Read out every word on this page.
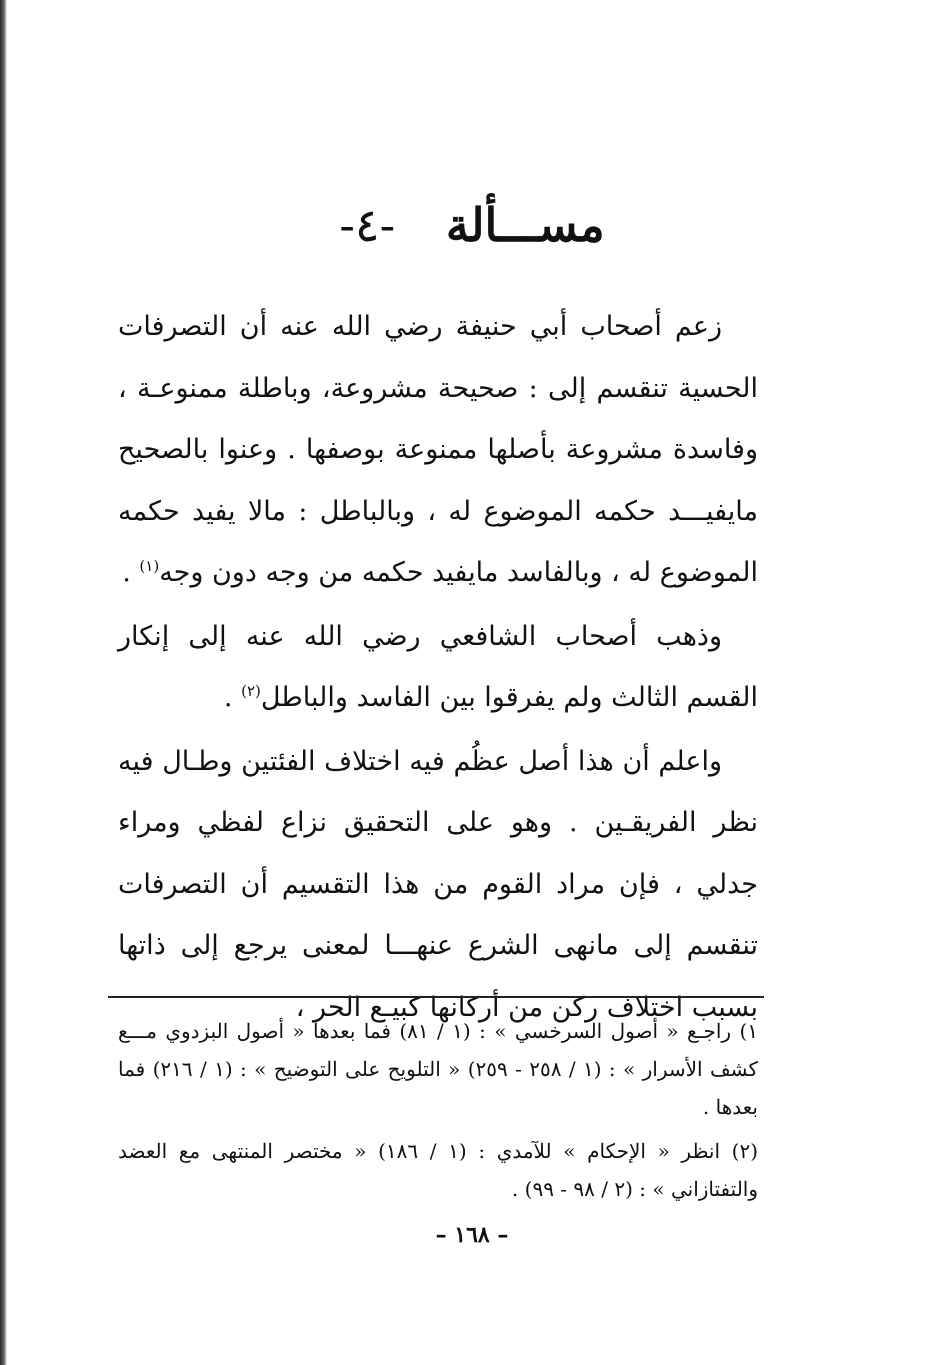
مســـألة -٤-

زعم أصحاب أبي حنيفة رضي الله عنه أن التصرفات الحسية تنقسم إلى : صحيحة مشروعة، وباطلة ممنوعـة ، وفاسدة مشروعة بأصلها ممنوعة بوصفها . وعنوا بالصحيح مايفيـــد حكمه الموضوع له ، وبالباطل : مالا يفيد حكمه الموضوع له ، وبالفاسد مايفيد حكمه من وجه دون وجه$^{(١)}$ .

وذهب أصحاب الشافعي رضي الله عنه إلى إنكار القسم الثالث ولم يفرقوا بين الفاسد والباطل$^{(٢)}$ .

واعلم أن هذا أصل عظُم فيه اختلاف الفئتين وطـال فيه نظر الفريقـين . وهو على التحقيق نزاع لفظي ومراء جدلي ، فإن مراد القوم من هذا التقسيم أن التصرفات تنقسم إلى مانهى الشرع عنهـــا لمعنى يرجع إلى ذاتها بسبب اختلاف ركن من أركانها كبيـع الحر ،

١) راجـع « أصول السرخسي » : (١ / ٨١) فما بعدها « أصول البزدوي مـــع كشف الأسرار » : (١ / ٢٥٨ - ٢٥٩) « التلويح على التوضيح » : (١ / ٢١٦) فما بعدها .

(٢) انظر « الإحكام » للآمدي : (١ / ١٨٦) « مختصر المنتهى مع العضد والتفتازاني » : (٢ / ٩٨ - ٩٩) .

– ١٦٨ –
